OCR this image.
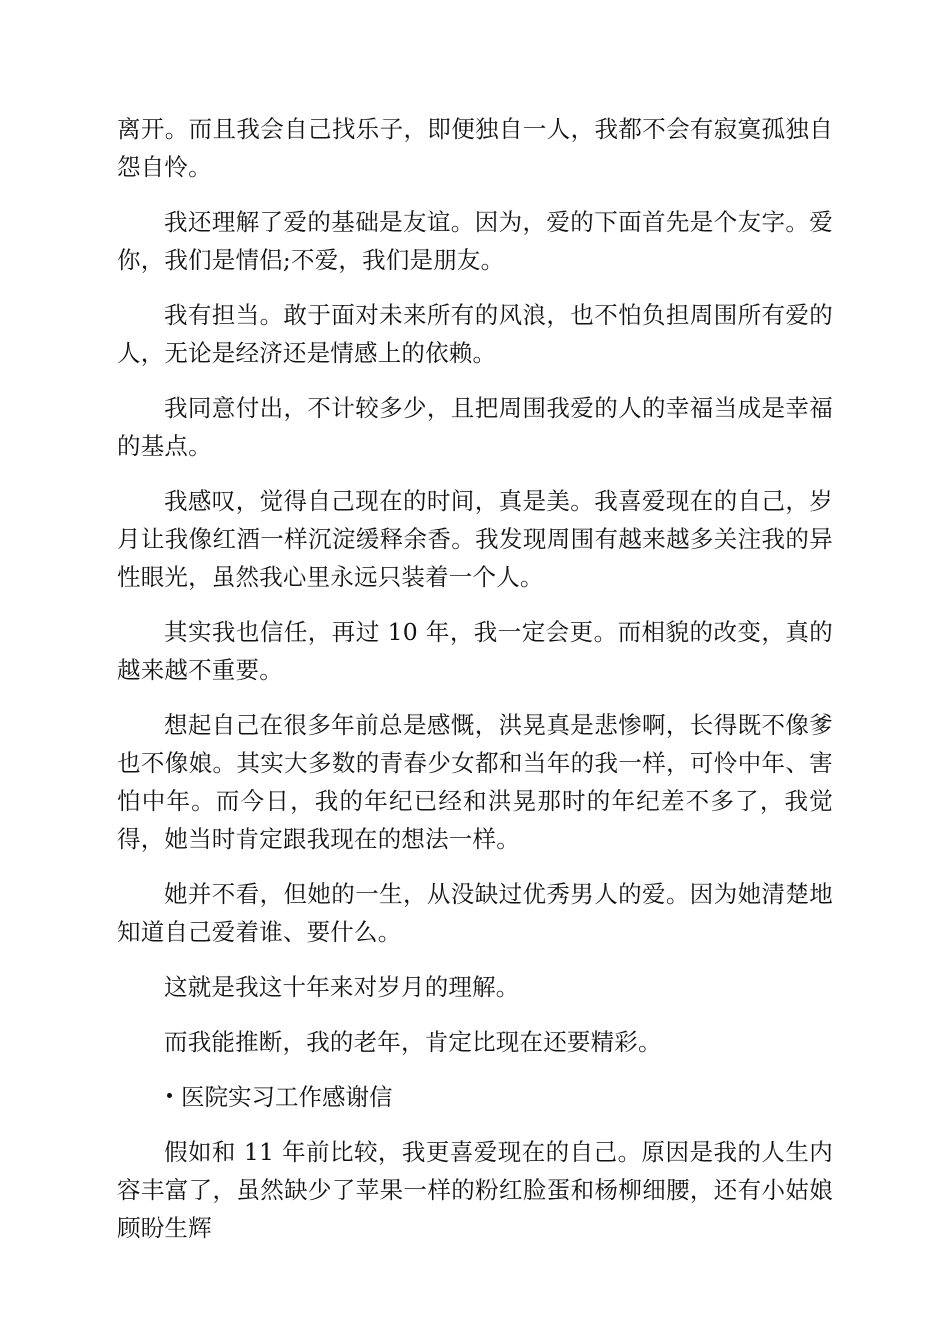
离开。而且我会自己找乐子，即便独自一人，我都不会有寂寞孤独自怨自怜。

我还理解了爱的基础是友谊。因为，爱的下面首先是个友字。爱你，我们是情侣;不爱，我们是朋友。

我有担当。敢于面对未来所有的风浪，也不怕负担周围所有爱的人，无论是经济还是情感上的依赖。

我同意付出，不计较多少，且把周围我爱的人的幸福当成是幸福的基点。

我感叹，觉得自己现在的时间，真是美。我喜爱现在的自己，岁月让我像红酒一样沉淀缓释余香。我发现周围有越来越多关注我的异性眼光，虽然我心里永远只装着一个人。

其实我也信任，再过 10 年，我一定会更。而相貌的改变，真的越来越不重要。

想起自己在很多年前总是感慨，洪晃真是悲惨啊，长得既不像爹也不像娘。其实大多数的青春少女都和当年的我一样，可怜中年、害怕中年。而今日，我的年纪已经和洪晃那时的年纪差不多了，我觉得，她当时肯定跟我现在的想法一样。

她并不看，但她的一生，从没缺过优秀男人的爱。因为她清楚地知道自己爱着谁、要什么。

这就是我这十年来对岁月的理解。

而我能推断，我的老年，肯定比现在还要精彩。

医院实习工作感谢信

假如和 11 年前比较，我更喜爱现在的自己。原因是我的人生内容丰富了，虽然缺少了苹果一样的粉红脸蛋和杨柳细腰，还有小姑娘顾盼生辉
